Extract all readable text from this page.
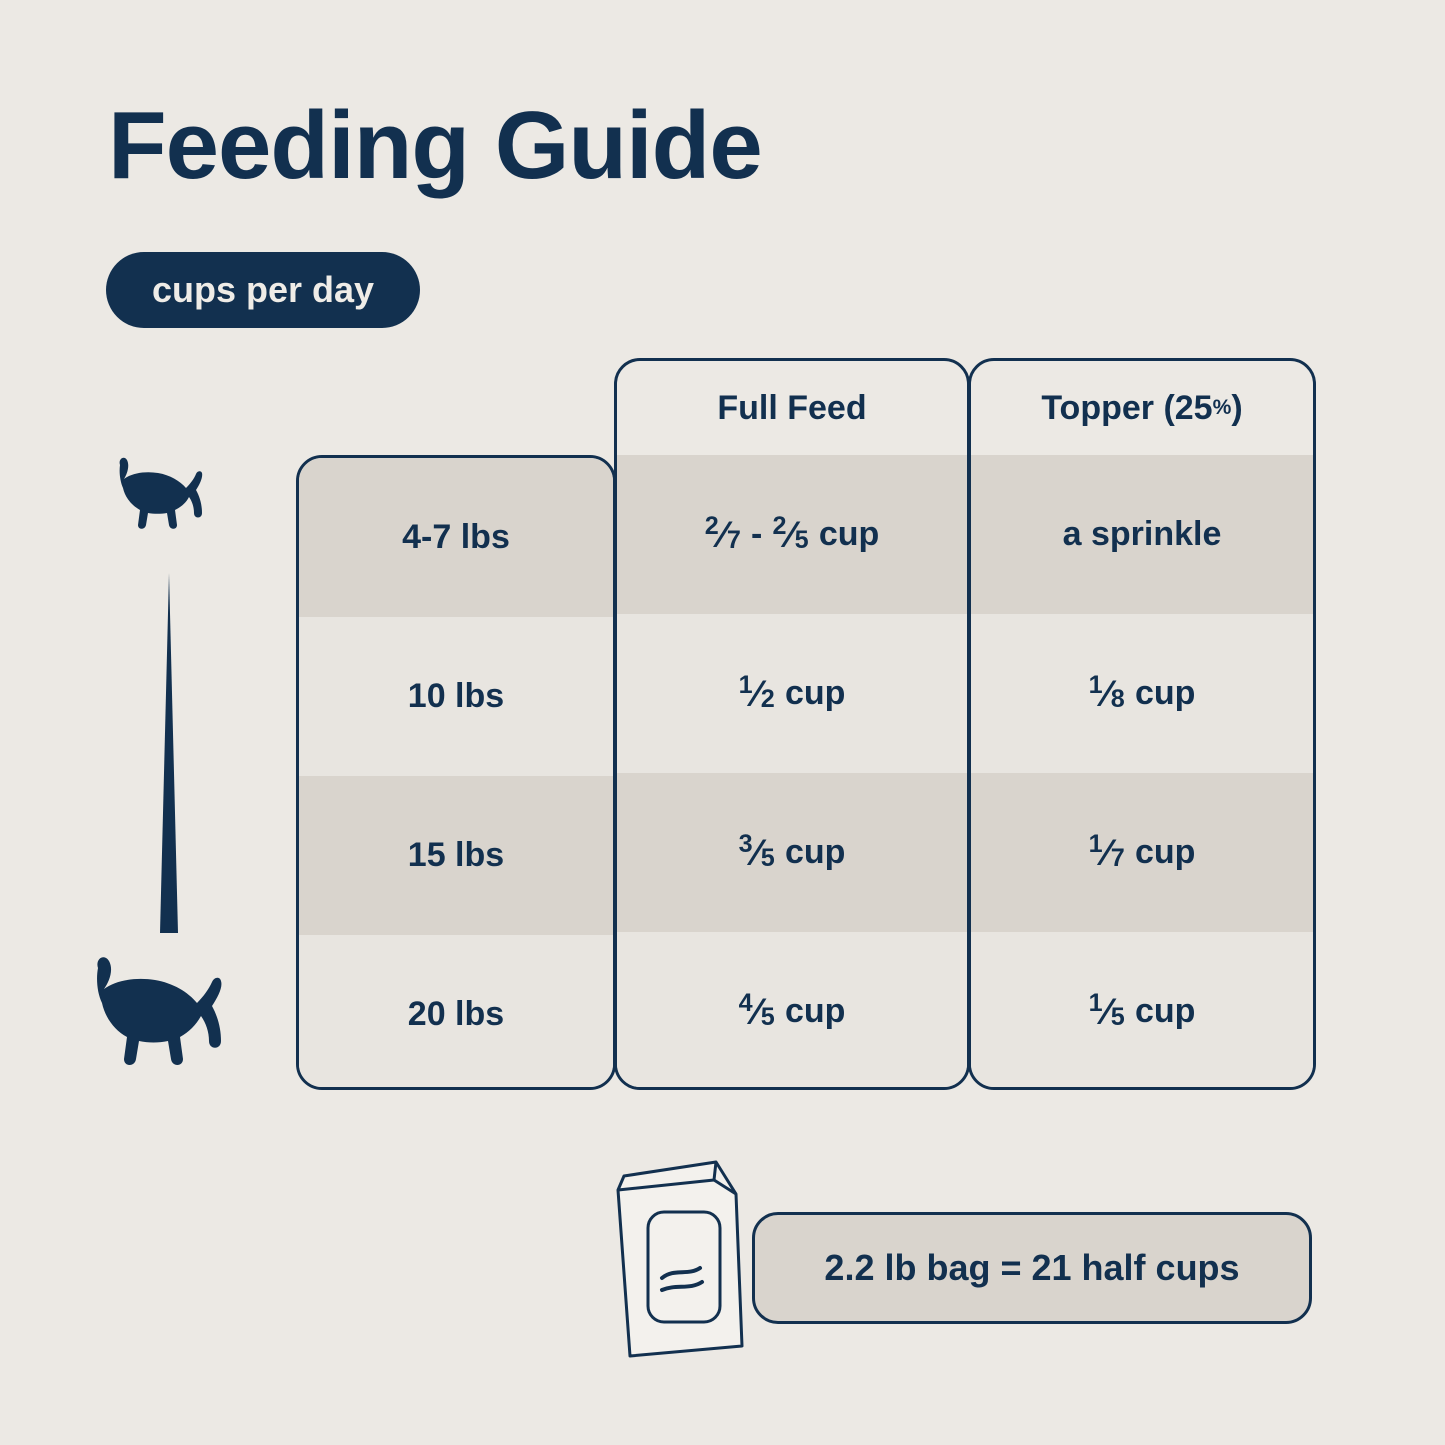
Feeding Guide
cups per day
4-7 lbs
10 lbs
15 lbs
20 lbs
Full Feed
2 ⁄ 7 - 2 ⁄ 5 cup
1 ⁄ 2 cup
3 ⁄ 5 cup
4 ⁄ 5 cup
Topper (25 % )
a sprinkle
1 ⁄ 8 cup
1 ⁄ 7 cup
1 ⁄ 5 cup
2.2 lb bag = 21 half cups
